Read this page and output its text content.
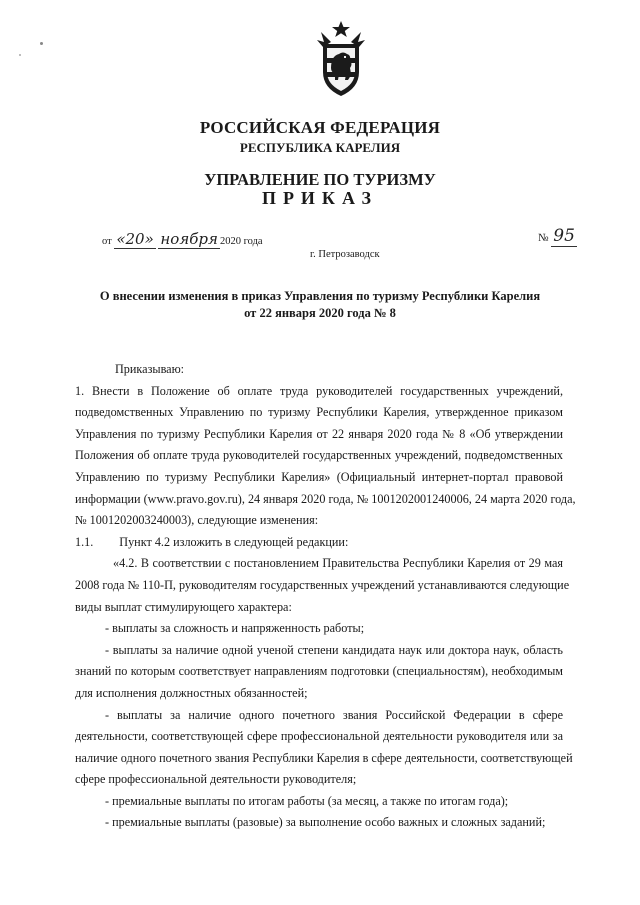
РОССИЙСКАЯ ФЕДЕРАЦИЯ
РЕСПУБЛИКА КАРЕЛИЯ
УПРАВЛЕНИЕ ПО ТУРИЗМУ
ПРИКАЗ
от «20» ноября 2020 года	№ 95
г. Петрозаводск
О внесении изменения в приказ Управления по туризму Республики Карелия
от 22 января 2020 года № 8
Приказываю:
1. Внести в Положение об оплате труда руководителей государственных учреждений,
подведомственных Управлению по туризму Республики Карелия, утвержденное приказом
Управления по туризму Республики Карелия от 22 января 2020 года № 8 «Об утверждении
Положения об оплате труда руководителей государственных учреждений, подведомственных
Управлению по туризму Республики Карелия» (Официальный интернет-портал правовой
информации (www.pravo.gov.ru), 24 января 2020 года, № 1001202001240006, 24 марта 2020 года,
№ 1001202003240003), следующие изменения:
1.1. Пункт 4.2 изложить в следующей редакции:
«4.2. В соответствии с постановлением Правительства Республики Карелия от 29 мая
2008 года № 110-П, руководителям государственных учреждений устанавливаются следующие
виды выплат стимулирующего характера:
- выплаты за сложность и напряженность работы;
- выплаты за наличие одной ученой степени кандидата наук или доктора наук, область
знаний по которым соответствует направлениям подготовки (специальностям), необходимым
для исполнения должностных обязанностей;
- выплаты за наличие одного почетного звания Российской Федерации в сфере
деятельности, соответствующей сфере профессиональной деятельности руководителя или за
наличие одного почетного звания Республики Карелия в сфере деятельности, соответствующей
сфере профессиональной деятельности руководителя;
- премиальные выплаты по итогам работы (за месяц, а также по итогам года);
- премиальные выплаты (разовые) за выполнение особо важных и сложных заданий;
